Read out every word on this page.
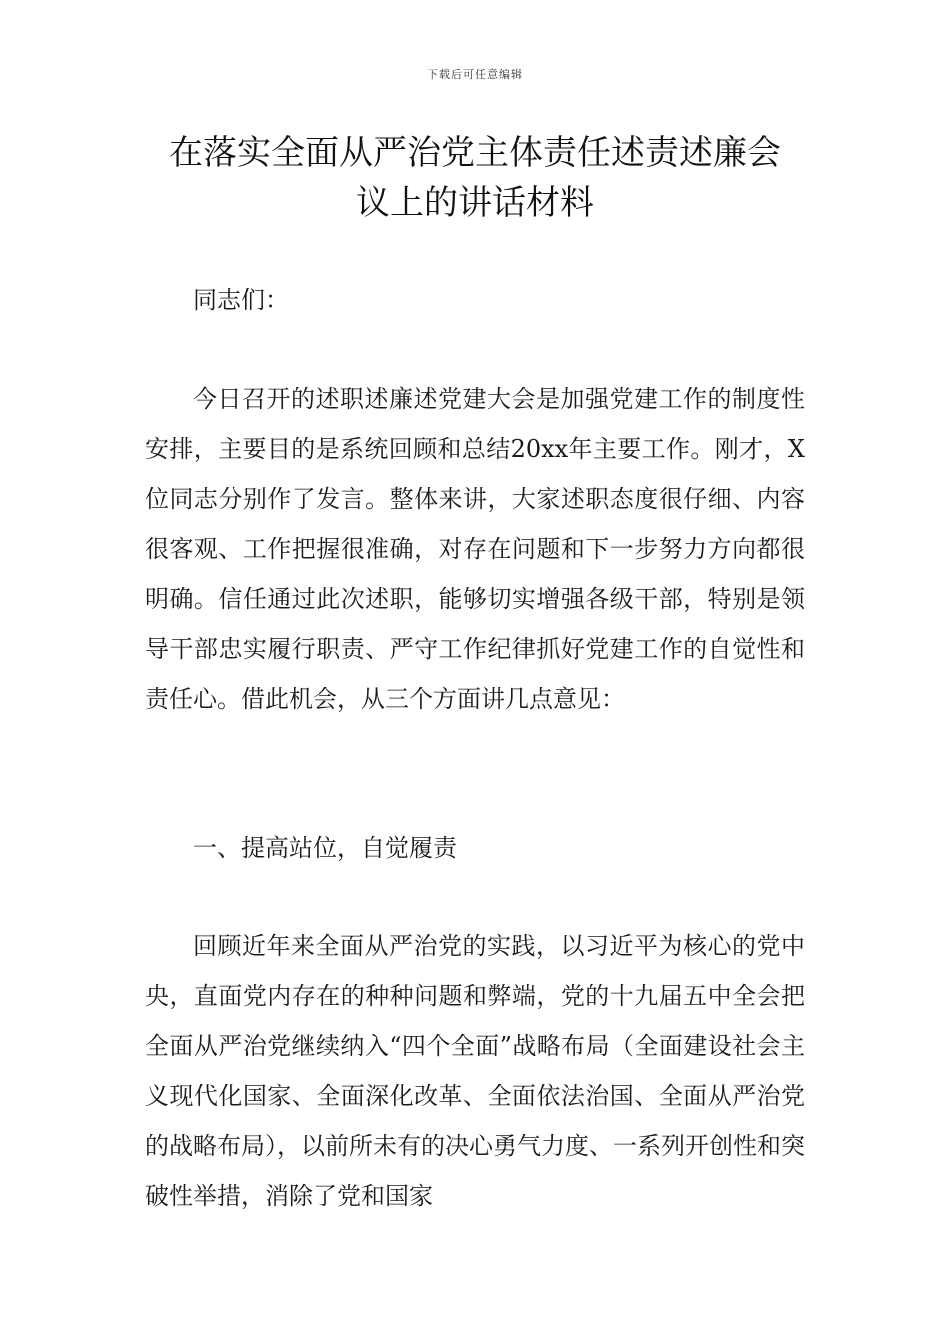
下载后可任意编辑
在落实全面从严治党主体责任述责述廉会
议上的讲话材料

同志们：

今日召开的述职述廉述党建大会是加强党建工作的制度性安排，主要目的是系统回顾和总结20xx年主要工作。刚才，X位同志分别作了发言。整体来讲，大家述职态度很仔细、内容很客观、工作把握很准确，对存在问题和下一步努力方向都很明确。信任通过此次述职，能够切实增强各级干部，特别是领导干部忠实履行职责、严守工作纪律抓好党建工作的自觉性和责任心。借此机会，从三个方面讲几点意见：

一、提高站位，自觉履责

回顾近年来全面从严治党的实践，以习近平为核心的党中央，直面党内存在的种种问题和弊端，党的十九届五中全会把全面从严治党继续纳入“四个全面”战略布局（全面建设社会主义现代化国家、全面深化改革、全面依法治国、全面从严治党的战略布局），以前所未有的决心勇气力度、一系列开创性和突破性举措，消除了党和国家
